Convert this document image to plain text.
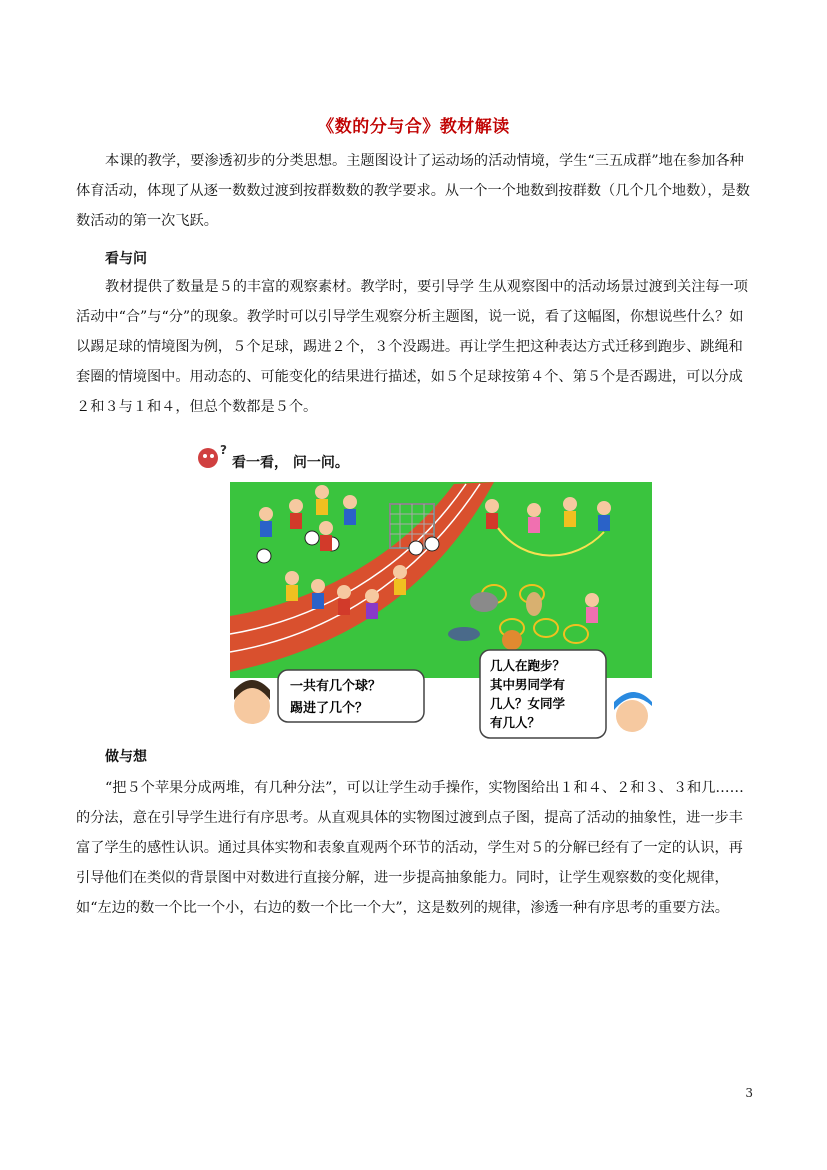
《数的分与合》教材解读

本课的教学，要渗透初步的分类思想。主题图设计了运动场的活动情境，学生“三五成群”地在参加各种体育活动，体现了从逐一数数过渡到按群数数的教学要求。从一个一个地数到按群数（几个几个地数），是数数活动的第一次飞跃。

看与问

教材提供了数量是５的丰富的观察素材。教学时，要引导学 生从观察图中的活动场景过渡到关注每一项活动中“合”与“分”的现象。教学时可以引导学生观察分析主题图，说一说，看了这幅图，你想说些什么？如以踢足球的情境图为例，５个足球，踢进２个，３个没踢进。再让学生把这种表达方式迁移到跑步、跳绳和套圈的情境图中。用动态的、可能变化的结果进行描述，如５个足球按第４个、第５个是否踢进，可以分成２和３与１和４，但总个数都是５个。

?
看一看， 问一问。
一共有几个球？
踢进了几个？
几人在跑步？
其中男同学有
几人？女同学
有几人？
做与想

“把５个苹果分成两堆，有几种分法”，可以让学生动手操作，实物图给出１和４、２和３、３和几……的分法，意在引导学生进行有序思考。从直观具体的实物图过渡到点子图，提高了活动的抽象性，进一步丰富了学生的感性认识。通过具体实物和表象直观两个环节的活动，学生对５的分解已经有了一定的认识，再引导他们在类似的背景图中对数进行直接分解，进一步提高抽象能力。同时，让学生观察数的变化规律，如“左边的数一个比一个小，右边的数一个比一个大”，这是数列的规律，渗透一种有序思考的重要方法。

3
